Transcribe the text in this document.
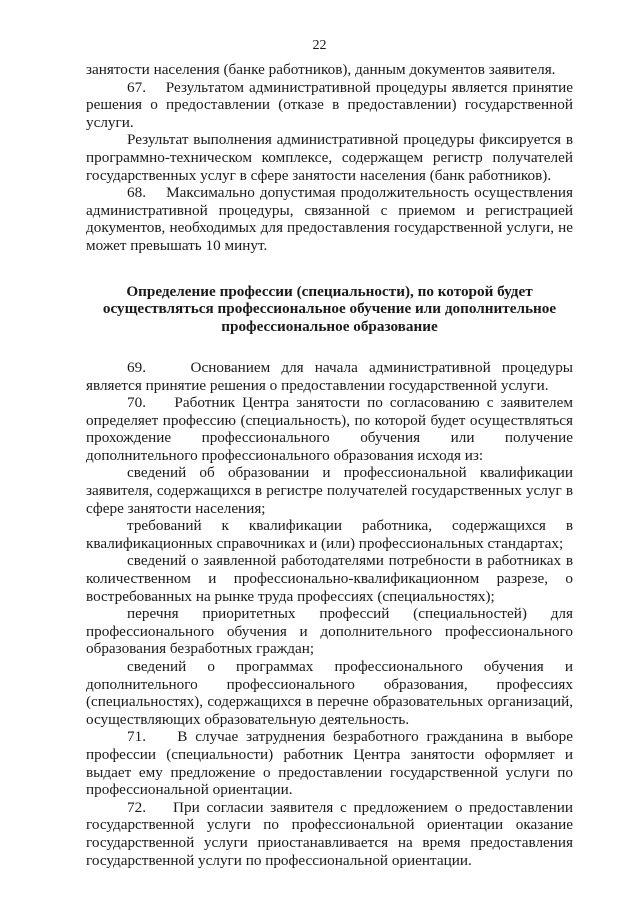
22

занятости населения (банке работников), данным документов заявителя.

67.    Результатом административной процедуры является принятие решения о предоставлении (отказе в предоставлении) государственной услуги.

Результат выполнения административной процедуры фиксируется в программно-техническом комплексе, содержащем регистр получателей государственных услуг в сфере занятости населения (банк работников).

68.    Максимально допустимая продолжительность осуществления административной процедуры, связанной с приемом и регистрацией документов, необходимых для предоставления государственной услуги, не может превышать 10 минут.

Определение профессии (специальности), по которой будет осуществляться профессиональное обучение или дополнительное профессиональное образование

69.    Основанием для начала административной процедуры является принятие решения о предоставлении государственной услуги.

70.    Работник Центра занятости по согласованию с заявителем определяет профессию (специальность), по которой будет осуществляться прохождение профессионального обучения или получение дополнительного профессионального образования исходя из:

сведений об образовании и профессиональной квалификации заявителя, содержащихся в регистре получателей государственных услуг в сфере занятости населения;

требований к квалификации работника, содержащихся в квалификационных справочниках и (или) профессиональных стандартах;

сведений о заявленной работодателями потребности в работниках в количественном и профессионально-квалификационном разрезе, о востребованных на рынке труда профессиях (специальностях);

перечня приоритетных профессий (специальностей) для профессионального обучения и дополнительного профессионального образования безработных граждан;

сведений о программах профессионального обучения и дополнительного профессионального образования, профессиях (специальностях), содержащихся в перечне образовательных организаций, осуществляющих образовательную деятельность.

71.    В случае затруднения безработного гражданина в выборе профессии (специальности) работник Центра занятости оформляет и выдает ему предложение о предоставлении государственной услуги по профессиональной ориентации.

72.    При согласии заявителя с предложением о предоставлении государственной услуги по профессиональной ориентации оказание государственной услуги приостанавливается на время предоставления государственной услуги по профессиональной ориентации.
